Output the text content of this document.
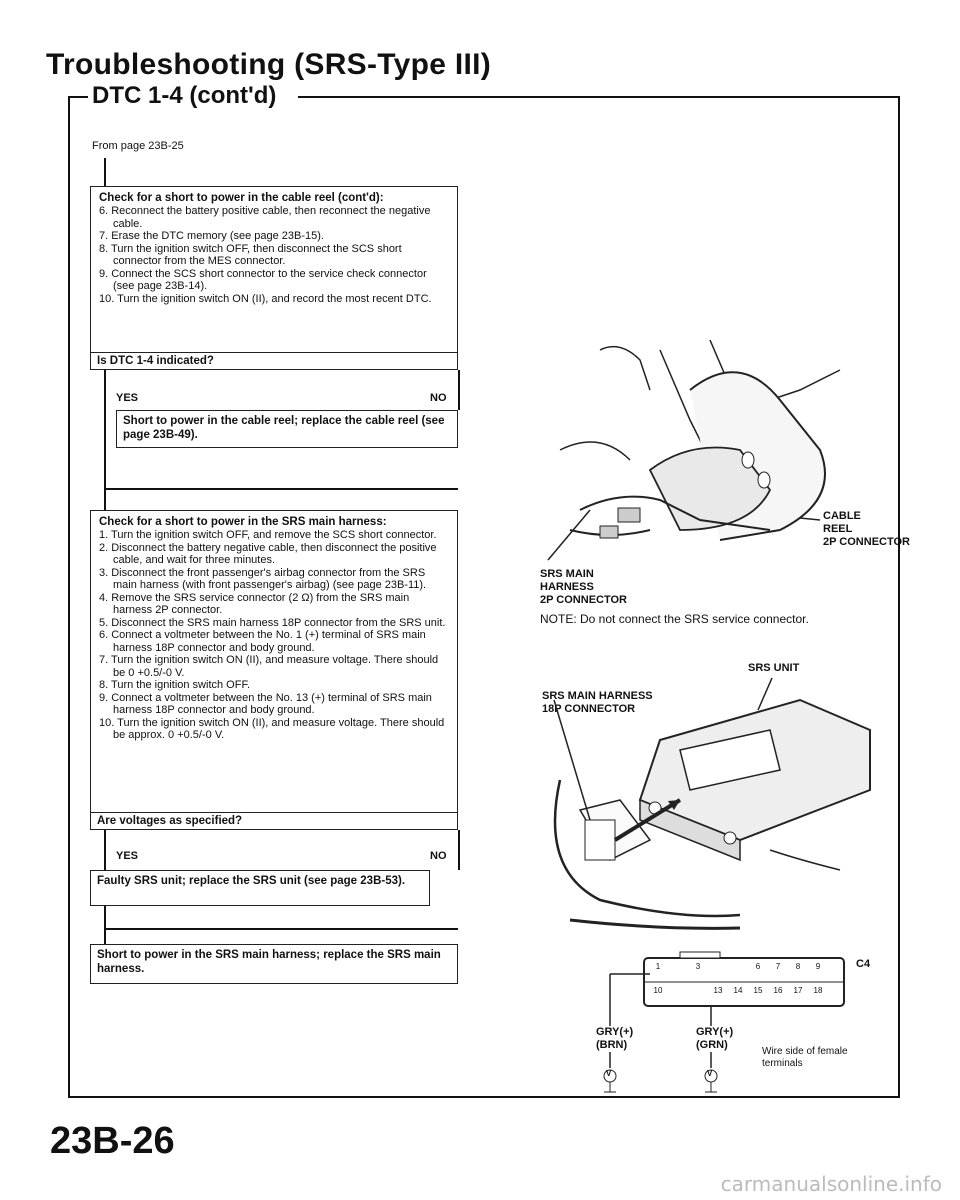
Troubleshooting (SRS-Type III)
DTC 1-4 (cont'd)
From page 23B-25
Check for a short to power in the cable reel (cont'd):
6. Reconnect the battery positive cable, then reconnect the negative cable.
7. Erase the DTC memory (see page 23B-15).
8. Turn the ignition switch OFF, then disconnect the SCS short connector from the MES connector.
9. Connect the SCS short connector to the service check connector (see page 23B-14).
10. Turn the ignition switch ON (II), and record the most recent DTC.
Is DTC 1-4 indicated?
YES	NO
Short to power in the cable reel; replace the cable reel (see page 23B-49).
Check for a short to power in the SRS main harness:
1. Turn the ignition switch OFF, and remove the SCS short connector.
2. Disconnect the battery negative cable, then disconnect the positive cable, and wait for three minutes.
3. Disconnect the front passenger's airbag connector from the SRS main harness (with front passenger's airbag) (see page 23B-11).
4. Remove the SRS service connector (2 Ω) from the SRS main harness 2P connector.
5. Disconnect the SRS main harness 18P connector from the SRS unit.
6. Connect a voltmeter between the No. 1 (+) terminal of SRS main harness 18P connector and body ground.
7. Turn the ignition switch ON (II), and measure voltage. There should be 0 +0.5/-0 V.
8. Turn the ignition switch OFF.
9. Connect a voltmeter between the No. 13 (+) terminal of SRS main harness 18P connector and body ground.
10. Turn the ignition switch ON (II), and measure voltage. There should be approx. 0 +0.5/-0 V.
Are voltages as specified?
YES	NO
Faulty SRS unit; replace the SRS unit (see page 23B-53).
Short to power in the SRS main harness; replace the SRS main harness.
CABLE
REEL
2P CONNECTOR
SRS MAIN
HARNESS
2P CONNECTOR
NOTE: Do not connect the SRS service connector.
SRS UNIT
SRS MAIN HARNESS
18P CONNECTOR
1	3	6	7	8	9
10	13	14	15	16	17	18
C4
GRY(+)
(BRN)
GRY(+)
(GRN)
V	V
Wire side of female
terminals
23B-26
carmanualsonline.info
